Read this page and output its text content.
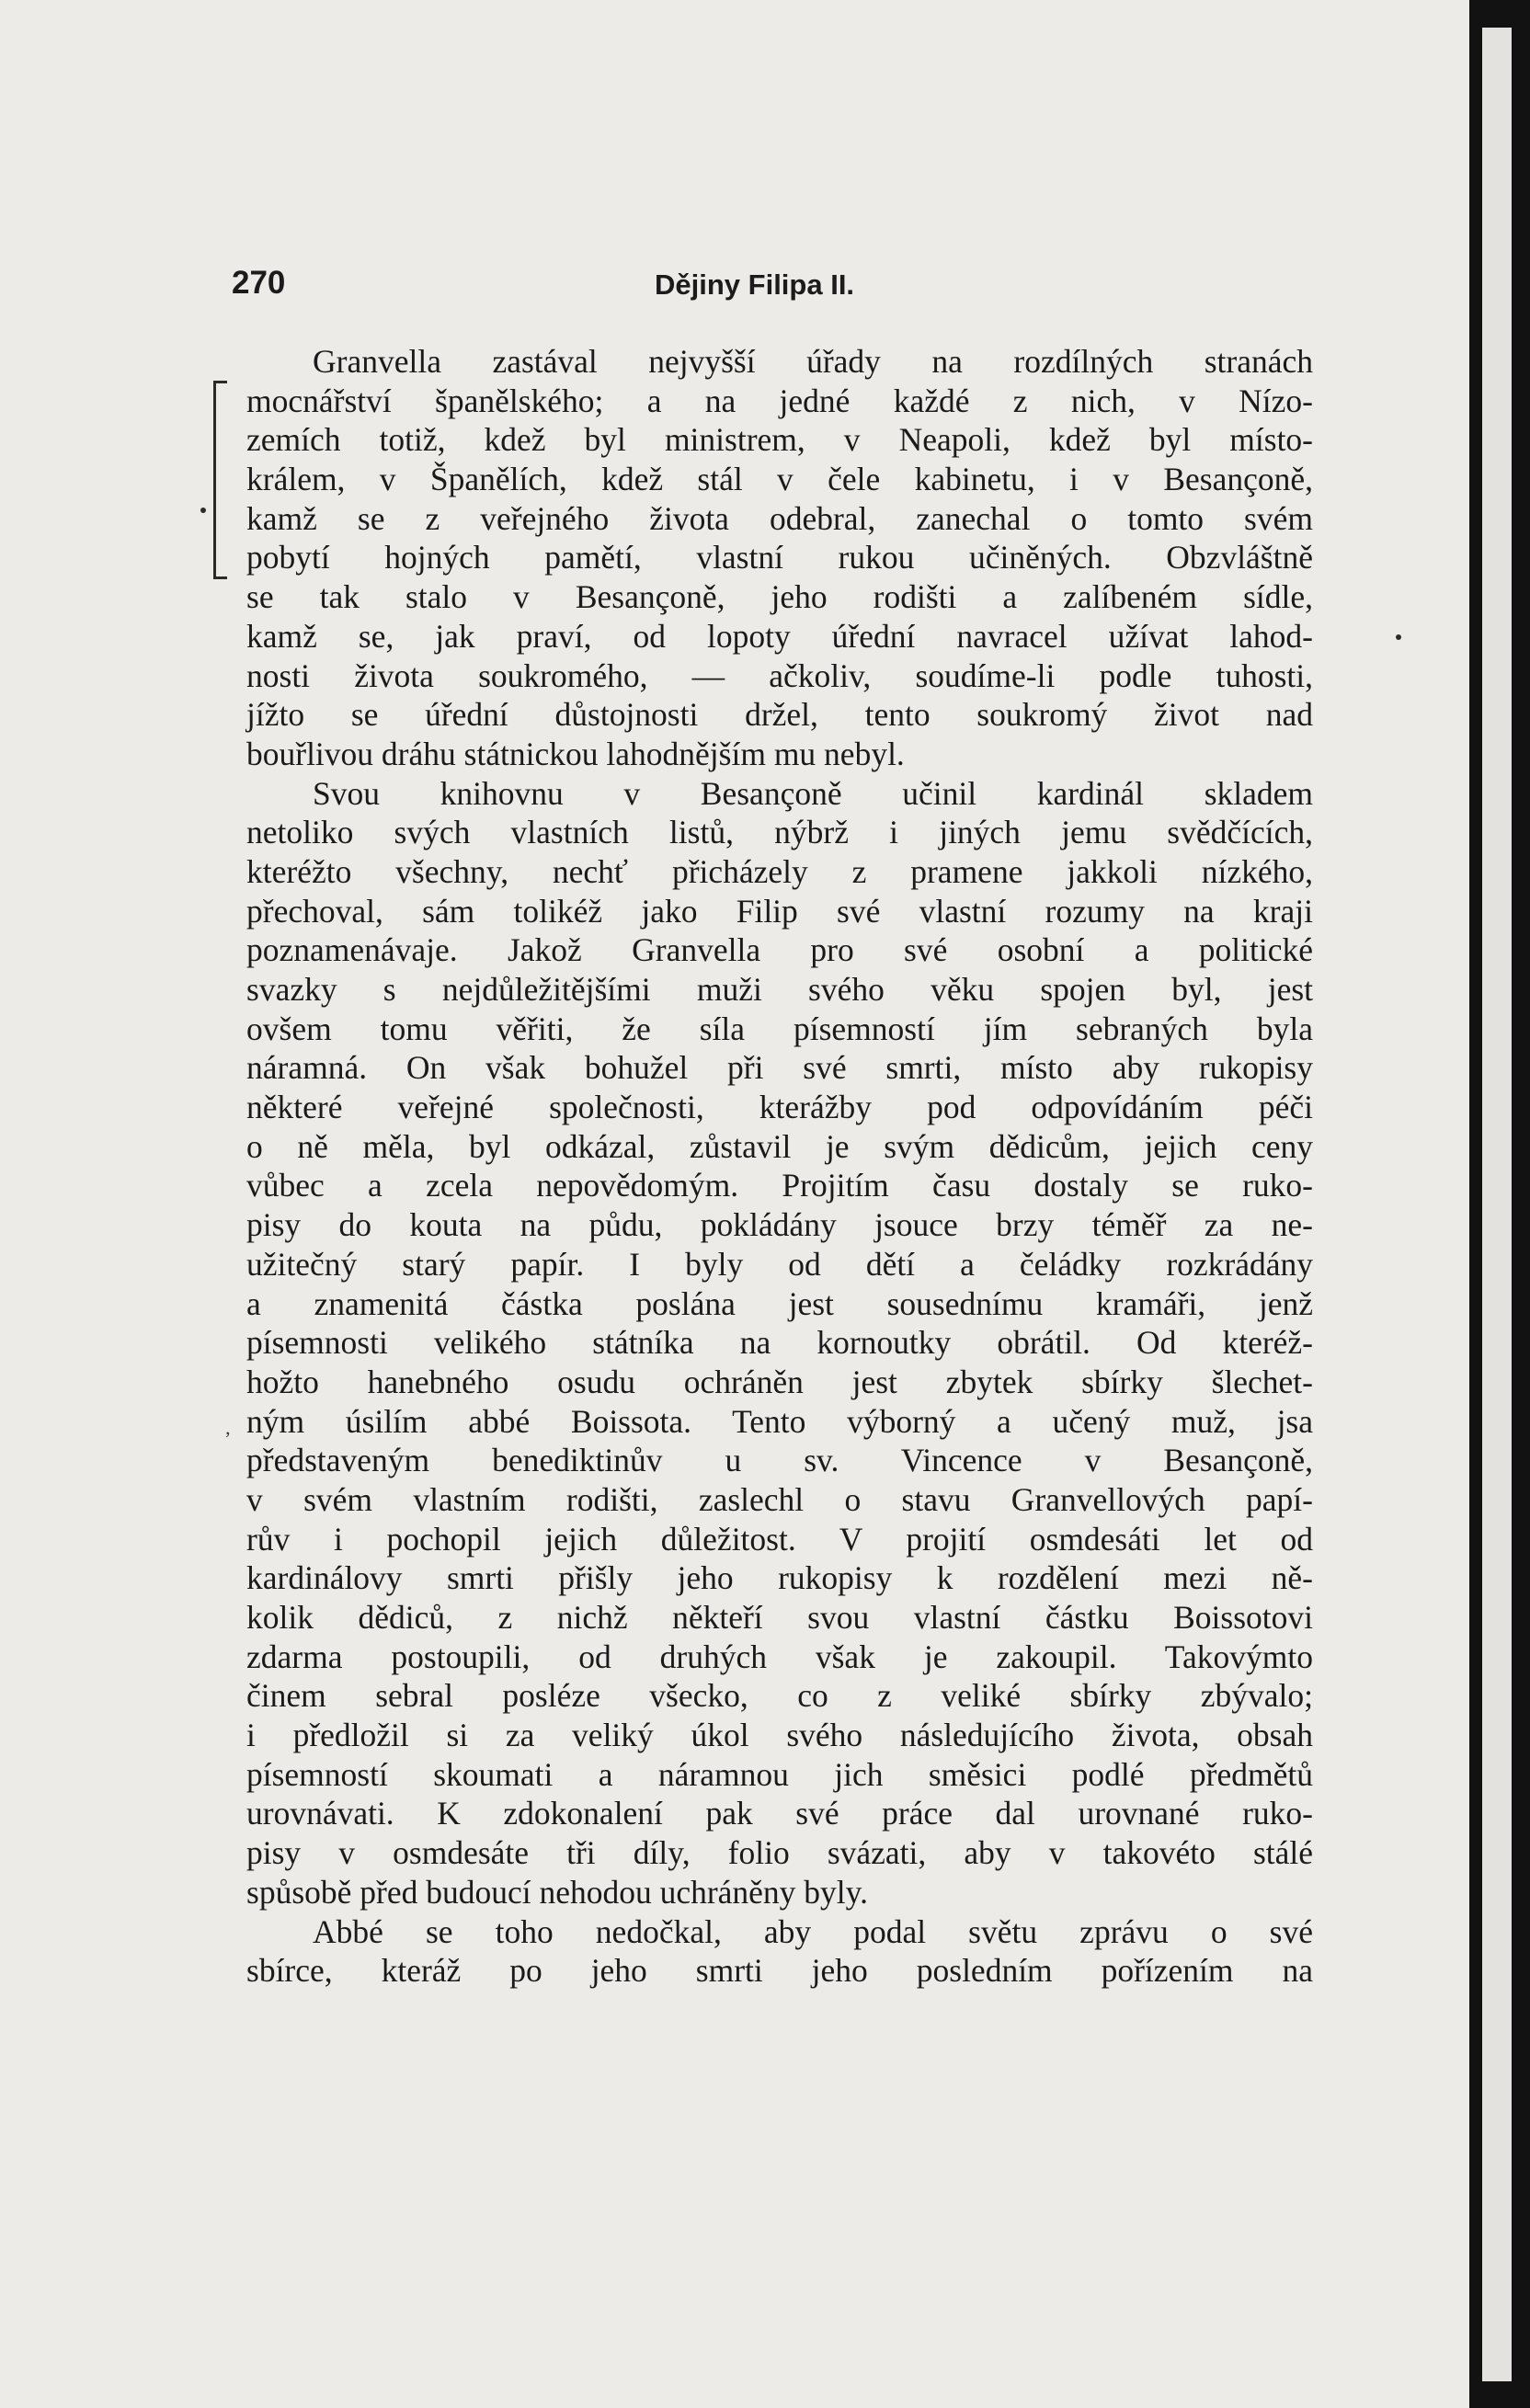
270	Dějiny Filipa II.
‚
Granvella zastával nejvyšší úřady na rozdílných stranách
mocnářství španělského; a na jedné každé z nich, v Nízo-
zemích totiž, kdež byl ministrem, v Neapoli, kdež byl místo-
králem, v Španělích, kdež stál v čele kabinetu, i v Besançoně,
kamž se z veřejného života odebral, zanechal o tomto svém
pobytí hojných pamětí, vlastní rukou učiněných. Obzvláštně
se tak stalo v Besançoně, jeho rodišti a zalíbeném sídle,
kamž se, jak praví, od lopoty úřední navracel užívat lahod-
nosti života soukromého, — ačkoliv, soudíme-li podle tuhosti,
jížto se úřední důstojnosti držel, tento soukromý život nad
bouřlivou dráhu státnickou lahodnějším mu nebyl.
Svou knihovnu v Besançoně učinil kardinál skladem
netoliko svých vlastních listů, nýbrž i jiných jemu svědčících,
kteréžto všechny, nechť přicházely z pramene jakkoli nízkého,
přechoval, sám tolikéž jako Filip své vlastní rozumy na kraji
poznamenávaje. Jakož Granvella pro své osobní a politické
svazky s nejdůležitějšími muži svého věku spojen byl, jest
ovšem tomu věřiti, že síla písemností jím sebraných byla
náramná. On však bohužel při své smrti, místo aby rukopisy
některé veřejné společnosti, kterážby pod odpovídáním péči
o ně měla, byl odkázal, zůstavil je svým dědicům, jejich ceny
vůbec a zcela nepovědomým. Projitím času dostaly se ruko-
pisy do kouta na půdu, pokládány jsouce brzy téměř za ne-
užitečný starý papír. I byly od dětí a čeládky rozkrádány
a znamenitá částka poslána jest sousednímu kramáři, jenž
písemnosti velikého státníka na kornoutky obrátil. Od kteréž-
hožto hanebného osudu ochráněn jest zbytek sbírky šlechet-
ným úsilím abbé Boissota. Tento výborný a učený muž, jsa
představeným benediktinův u sv. Vincence v Besançoně,
v svém vlastním rodišti, zaslechl o stavu Granvellových papí-
rův i pochopil jejich důležitost. V projití osmdesáti let od
kardinálovy smrti přišly jeho rukopisy k rozdělení mezi ně-
kolik dědiců, z nichž někteří svou vlastní částku Boissotovi
zdarma postoupili, od druhých však je zakoupil. Takovýmto
činem sebral posléze všecko, co z veliké sbírky zbývalo;
i předložil si za veliký úkol svého následujícího života, obsah
písemností skoumati a náramnou jich směsici podlé předmětů
urovnávati. K zdokonalení pak své práce dal urovnané ruko-
pisy v osmdesáte tři díly, folio svázati, aby v takovéto stálé
spůsobě před budoucí nehodou uchráněny byly.
Abbé se toho nedočkal, aby podal světu zprávu o své
sbírce, kteráž po jeho smrti jeho posledním pořízením na
